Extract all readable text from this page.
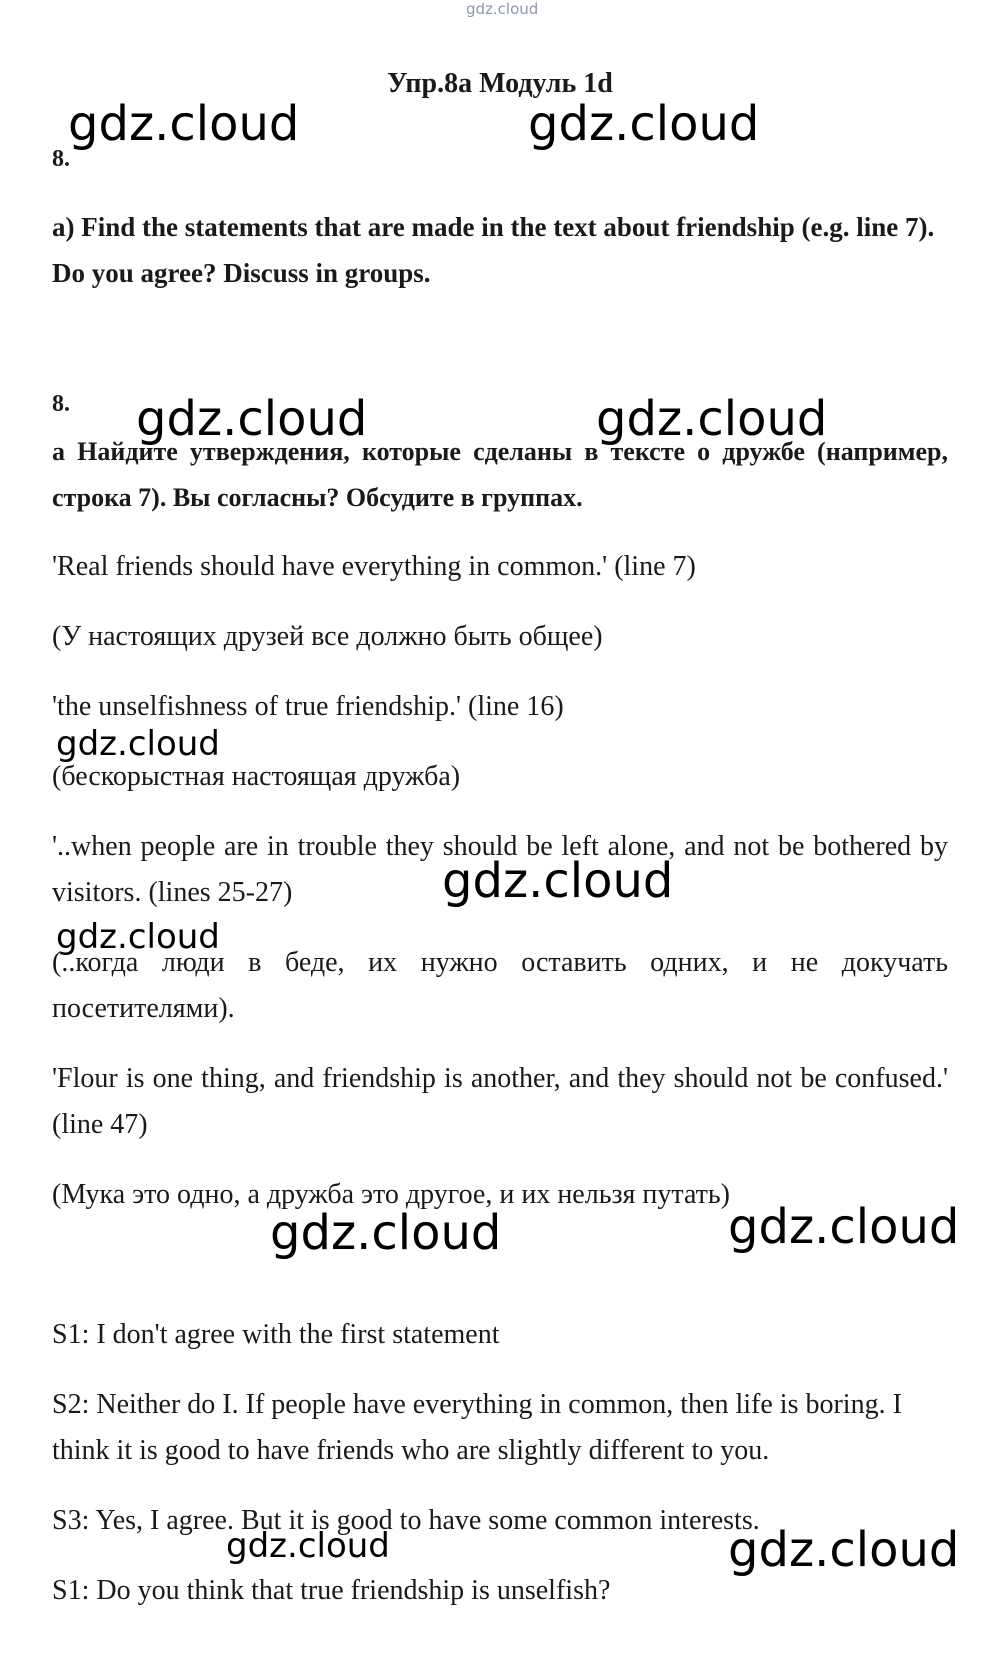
gdz.cloud
gdz.cloud	gdz.cloud
gdz.cloud	gdz.cloud
gdz.cloud
gdz.cloud
gdz.cloud
gdz.cloud	gdz.cloud
gdz.cloud	gdz.cloud
Упр.8а Модуль 1d
8.
a) Find the statements that are made in the text about friendship (e.g. line 7). Do you agree? Discuss in groups.
8.
а Найдите утверждения, которые сделаны в тексте о дружбе (например, строка 7). Вы согласны? Обсудите в группах.
'Real friends should have everything in common.' (line 7)
(У настоящих друзей все должно быть общее)
'the unselfishness of true friendship.' (line 16)
(бескорыстная настоящая дружба)
'..when people are in trouble they should be left alone, and not be bothered by visitors. (lines 25-27)
(..когда люди в беде, их нужно оставить одних, и не докучать посетителями).
'Flour is one thing, and friendship is another, and they should not be confused.' (line 47)
(Мука это одно, а дружба это другое, и их нельзя путать)
S1: I don't agree with the first statement
S2: Neither do I. If people have everything in common, then life is boring. I think it is good to have friends who are slightly different to you.
S3: Yes, I agree. But it is good to have some common interests.
S1: Do you think that true friendship is unselfish?
